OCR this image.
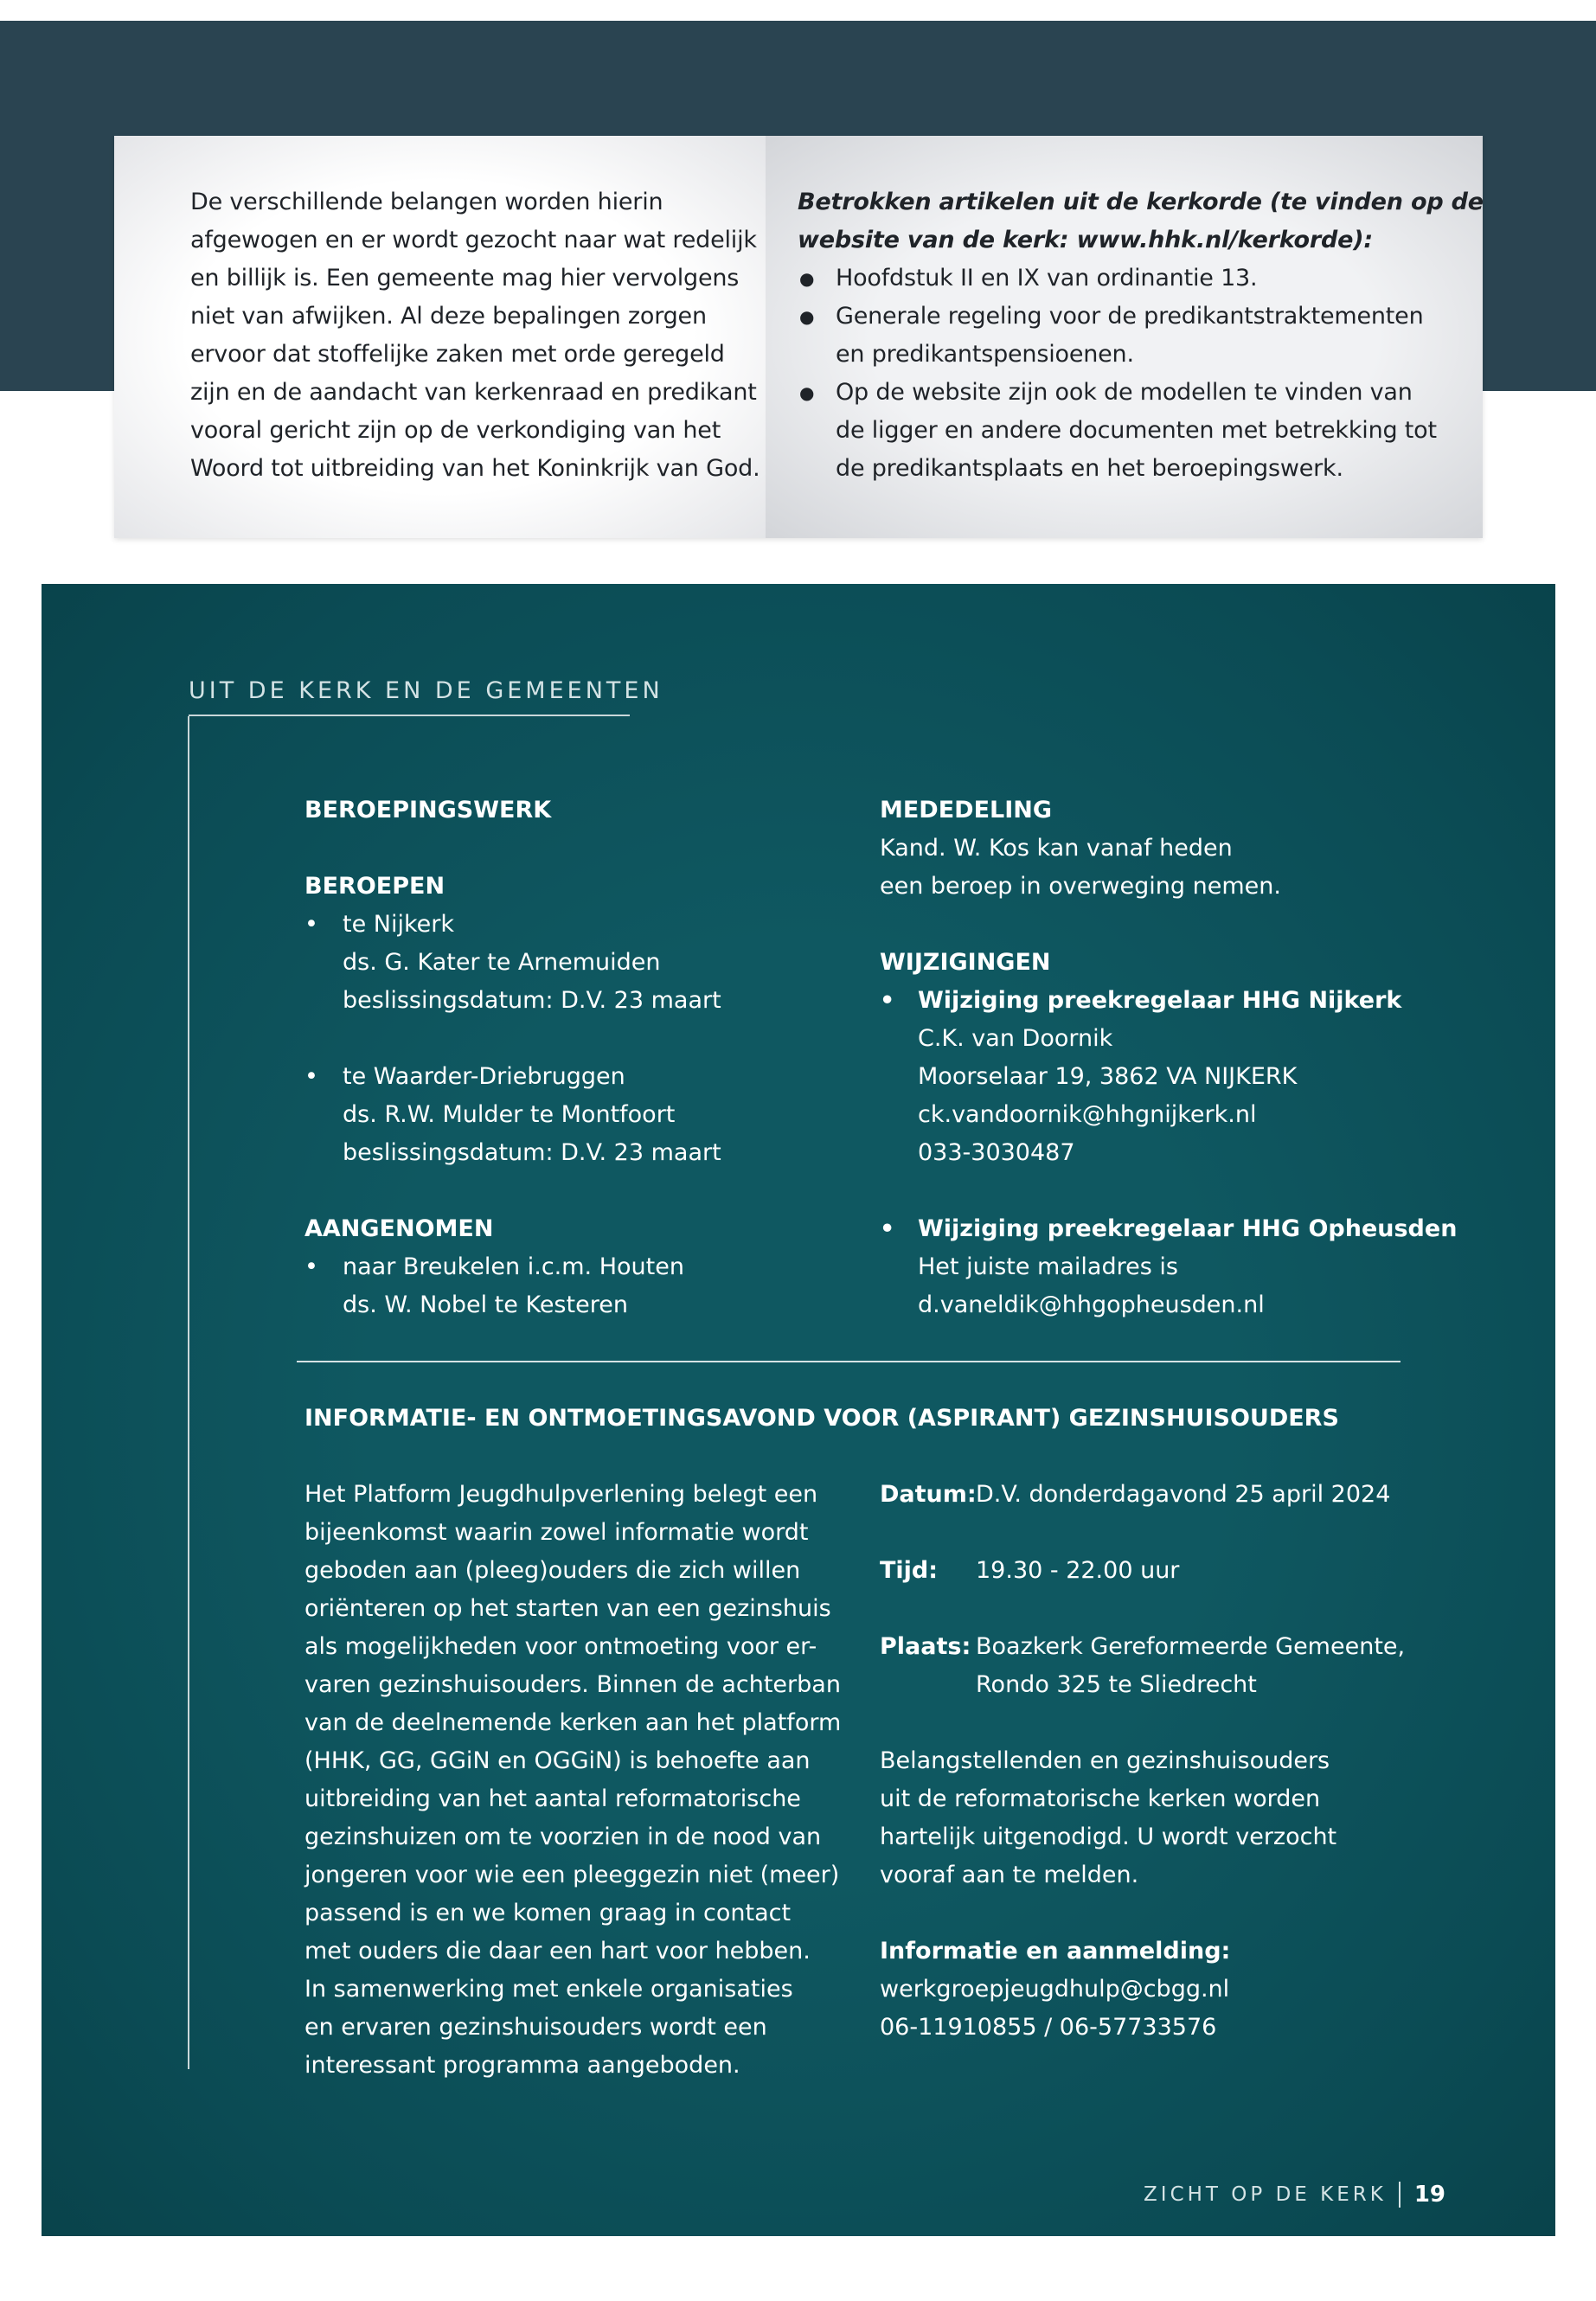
De verschillende belangen worden hierin

afgewogen en er wordt gezocht naar wat redelijk

en billijk is. Een gemeente mag hier vervolgens

niet van afwijken. Al deze bepalingen zorgen

ervoor dat stoffelijke zaken met orde geregeld

zijn en de aandacht van kerkenraad en predikant

vooral gericht zijn op de verkondiging van het

Woord tot uitbreiding van het Koninkrijk van God.

Betrokken artikelen uit de kerkorde (te vinden op de

website van de kerk: www.hhk.nl/kerkorde):

● Hoofdstuk II en IX van ordinantie 13.

● Generale regeling voor de predikantstraktementen

en predikantspensioenen.

● Op de website zijn ook de modellen te vinden van

de ligger en andere documenten met betrekking tot

de predikantsplaats en het beroepingswerk.

UIT DE KERK EN DE GEMEENTEN
BEROEPINGSWERK
BEROEPEN
• te Nijkerk
ds. G. Kater te Arnemuiden
beslissingsdatum: D.V. 23 maart
• te Waarder-Driebruggen
ds. R.W. Mulder te Montfoort
beslissingsdatum: D.V. 23 maart
AANGENOMEN
• naar Breukelen i.c.m. Houten
ds. W. Nobel te Kesteren
MEDEDELING
Kand. W. Kos kan vanaf heden
een beroep in overweging nemen.
WIJZIGINGEN
• Wijziging preekregelaar HHG Nijkerk
C.K. van Doornik
Moorselaar 19, 3862 VA NIJKERK
ck.vandoornik@hhgnijkerk.nl
033-3030487
• Wijziging preekregelaar HHG Opheusden
Het juiste mailadres is
d.vaneldik@hhgopheusden.nl
INFORMATIE- EN ONTMOETINGSAVOND VOOR (ASPIRANT) GEZINSHUISOUDERS
Het Platform Jeugdhulpverlening belegt een
bijeenkomst waarin zowel informatie wordt
geboden aan (pleeg)ouders die zich willen
oriënteren op het starten van een gezinshuis
als mogelijkheden voor ontmoeting voor er-
varen gezinshuisouders. Binnen de achterban
van de deelnemende kerken aan het platform
(HHK, GG, GGiN en OGGiN) is behoefte aan
uitbreiding van het aantal reformatorische
gezinshuizen om te voorzien in de nood van
jongeren voor wie een pleeggezin niet (meer)
passend is en we komen graag in contact
met ouders die daar een hart voor hebben.
In samenwerking met enkele organisaties
en ervaren gezinshuisouders wordt een
interessant programma aangeboden.
Datum: D.V. donderdagavond 25 april 2024
Tijd:	19.30 - 22.00 uur
Plaats: Boazkerk Gereformeerde Gemeente,
Rondo 325 te Sliedrecht
Belangstellenden en gezinshuisouders
uit de reformatorische kerken worden
hartelijk uitgenodigd. U wordt verzocht
vooraf aan te melden.
Informatie en aanmelding:
werkgroepjeugdhulp@cbgg.nl
06-11910855 / 06-57733576
ZICHT OP DE KERK 19
